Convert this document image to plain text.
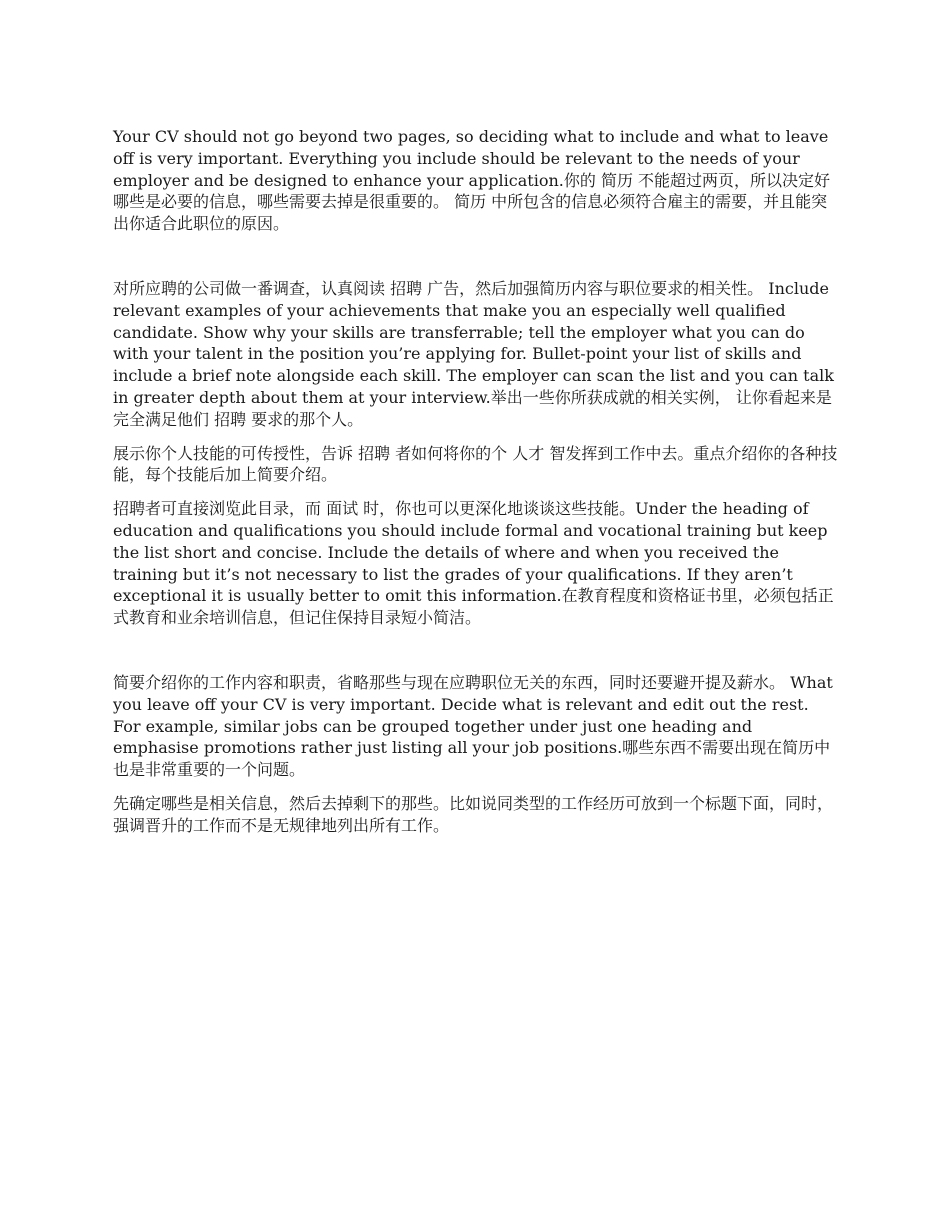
Your CV should not go beyond two pages, so deciding what to include and what to leave off is very important. Everything you include should be relevant to the needs of your employer and be designed to enhance your application.你的 简历 不能超过两页，所以决定好哪些是必要的信息，哪些需要去掉是很重要的。 简历 中所包含的信息必须符合雇主的需要，并且能突出你适合此职位的原因。

对所应聘的公司做一番调查，认真阅读 招聘 广告，然后加强简历内容与职位要求的相关性。 Include relevant examples of your achievements that make you an especially well qualified candidate. Show why your skills are transferrable; tell the employer what you can do with your talent in the position you’re applying for. Bullet-point your list of skills and include a brief note alongside each skill. The employer can scan the list and you can talk in greater depth about them at your interview.举出一些你所获成就的相关实例， 让你看起来是完全满足他们 招聘 要求的那个人。

展示你个人技能的可传授性，告诉 招聘 者如何将你的个 人才 智发挥到工作中去。重点介绍你的各种技能，每个技能后加上简要介绍。

招聘者可直接浏览此目录，而 面试 时，你也可以更深化地谈谈这些技能。Under the heading of education and qualifications you should include formal and vocational training but keep the list short and concise. Include the details of where and when you received the training but it’s not necessary to list the grades of your qualifications. If they aren’t exceptional it is usually better to omit this information.在教育程度和资格证书里，必须包括正式教育和业余培训信息，但记住保持目录短小简洁。

简要介绍你的工作内容和职责，省略那些与现在应聘职位无关的东西，同时还要避开提及薪水。 What you leave off your CV is very important. Decide what is relevant and edit out the rest. For example, similar jobs can be grouped together under just one heading and emphasise promotions rather just listing all your job positions.哪些东西不需要出现在简历中也是非常重要的一个问题。

先确定哪些是相关信息，然后去掉剩下的那些。比如说同类型的工作经历可放到一个标题下面，同时，强调晋升的工作而不是无规律地列出所有工作。
